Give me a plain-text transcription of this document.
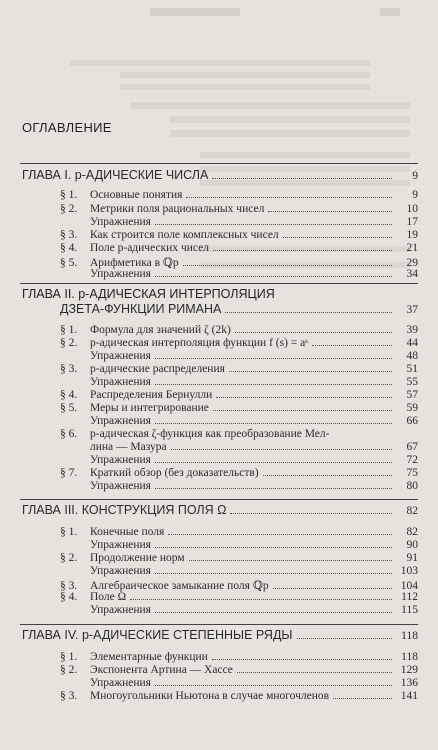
ОГЛАВЛЕНИЕ
ГЛАВА I. p-АДИЧЕСКИЕ ЧИСЛА	9
§ 1.	Основные понятия	9
§ 2.	Метрики поля рациональных чисел	10
Упражнения	17
§ 3.	Как строится поле комплексных чисел	19
§ 4.	Поле p-адических чисел	21
§ 5.	Арифметика в ℚp	29
Упражнения	34
ГЛАВА II. p-АДИЧЕСКАЯ ИНТЕРПОЛЯЦИЯ
ДЗЕТА-ФУНКЦИИ РИМАНА	37
§ 1.	Формула для значений ζ (2k)	39
§ 2.	p-адическая интерполяция функции f (s) = aˢ	44
Упражнения	48
§ 3.	p-адические распределения	51
Упражнения	55
§ 4.	Распределения Бернулли	57
§ 5.	Меры и интегрирование	59
Упражнения	66
§ 6.	p-адическая ζ-функция как преобразование Мел-
лина — Мазура	67
Упражнения	72
§ 7.	Краткий обзор (без доказательств)	75
Упражнения	80
ГЛАВА III. КОНСТРУКЦИЯ ПОЛЯ Ω	82
§ 1.	Конечные поля	82
Упражнения	90
§ 2.	Продолжение норм	91
Упражнения	103
§ 3.	Алгебраическое замыкание поля ℚp	104
§ 4.	Поле Ω	112
Упражнения	115
ГЛАВА IV. p-АДИЧЕСКИЕ СТЕПЕННЫЕ РЯДЫ	118
§ 1.	Элементарные функции	118
§ 2.	Экспонента Артина — Хассе	129
Упражнения	136
§ 3.	Многоугольники Ньютона в случае многочленов	141
